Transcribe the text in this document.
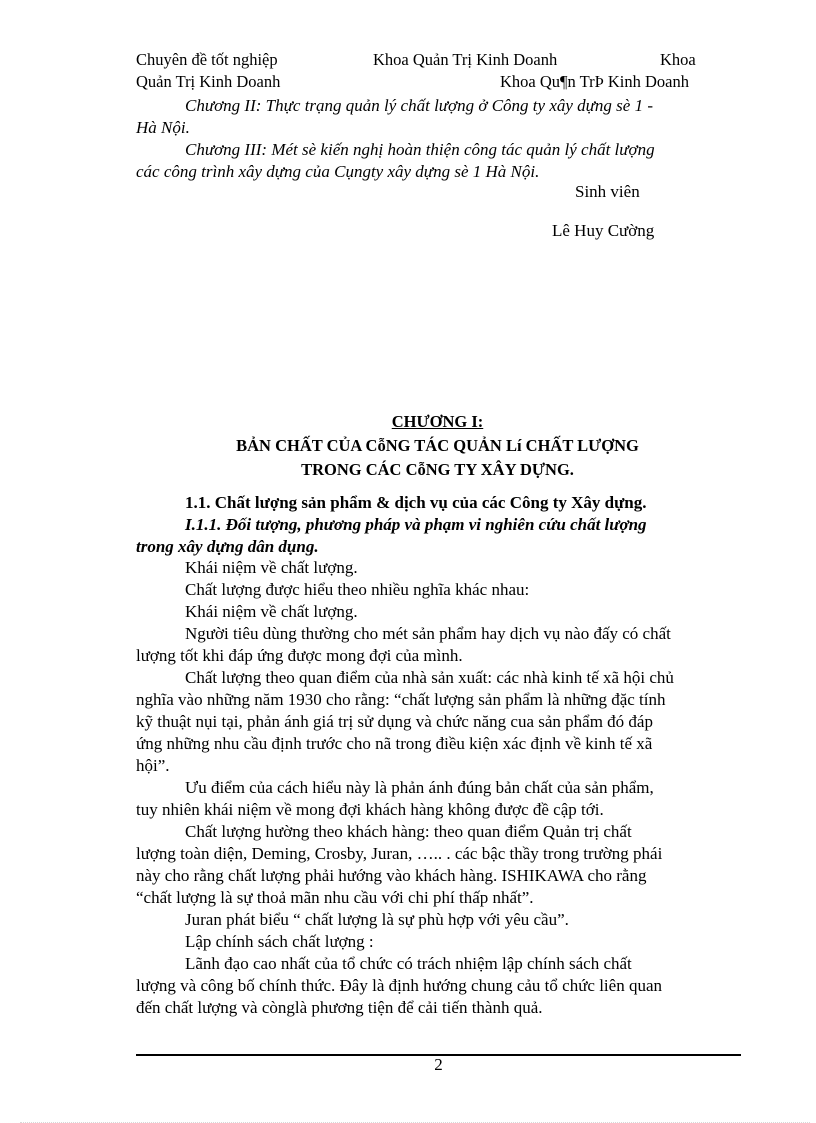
Chuyên đề tốt nghiệp	Khoa Quản Trị Kinh Doanh	Khoa
Quản Trị Kinh Doanh	Khoa Qu¶n TrÞ Kinh Doanh
Chương II: Thực trạng quản lý chất lượng ở Công ty xây dựng sè 1 -
Hà Nội.
Chương III: Mét sè kiến nghị hoàn thiện công tác quản lý chất lượng
các công trình xây dựng của Cụngty xây dựng sè 1 Hà Nội.
Sinh viên
Lê Huy Cường
CHƯƠNG I:
BẢN CHẤT CỦA CỗNG TÁC QUẢN Lí CHẤT LƯỢNG
TRONG CÁC CỗNG TY XÂY DỰNG.
1.1. Chất lượng sản phẩm & dịch vụ của các Công ty Xây dựng.
I.1.1. Đối tượng, phương pháp và phạm vi nghiên cứu chất lượng
trong xây dựng dân dụng.
Khái niệm về chất lượng.
Chất lượng được hiểu theo nhiều nghĩa khác nhau:
Khái niệm về chất lượng.
Người tiêu dùng thường cho mét sản phẩm hay dịch vụ nào đấy có chất
lượng tốt khi đáp ứng được mong đợi của mình.
Chất lượng theo quan điểm của nhà sản xuất: các nhà kinh tế xã hội chủ
nghĩa vào những năm 1930 cho rằng: “chất lượng sản phẩm là những đặc tính
kỹ thuật nụi tại, phản ánh giá trị sử dụng và chức năng cua sản phẩm đó đáp
ứng những nhu cầu định trước cho nã trong điều kiện xác định về kinh tế xã
hội”.
Ưu điểm của cách hiểu này là phản ánh đúng bản chất của sản phẩm,
tuy nhiên khái niệm về mong đợi khách hàng không được đề cập tới.
Chất lượng hường theo khách hàng: theo quan điểm Quản trị chất
lượng toàn diện, Deming, Crosby, Juran, ….. . các bậc thầy trong trường phái
này cho rằng chất lượng phải hướng vào khách hàng. ISHIKAWA cho rằng
“chất lượng là sự thoả mãn nhu cầu với chi phí thấp nhất”.
Juran phát biểu “ chất lượng là sự phù hợp với yêu cầu”.
Lập chính sách chất lượng :
Lãnh đạo cao nhất của tổ chức có trách nhiệm lập chính sách chất
lượng và công bố chính thức. Đây là định hướng chung cảu tổ chức liên quan
đến chất lượng và cònglà phương tiện để cải tiến thành quả.
2
